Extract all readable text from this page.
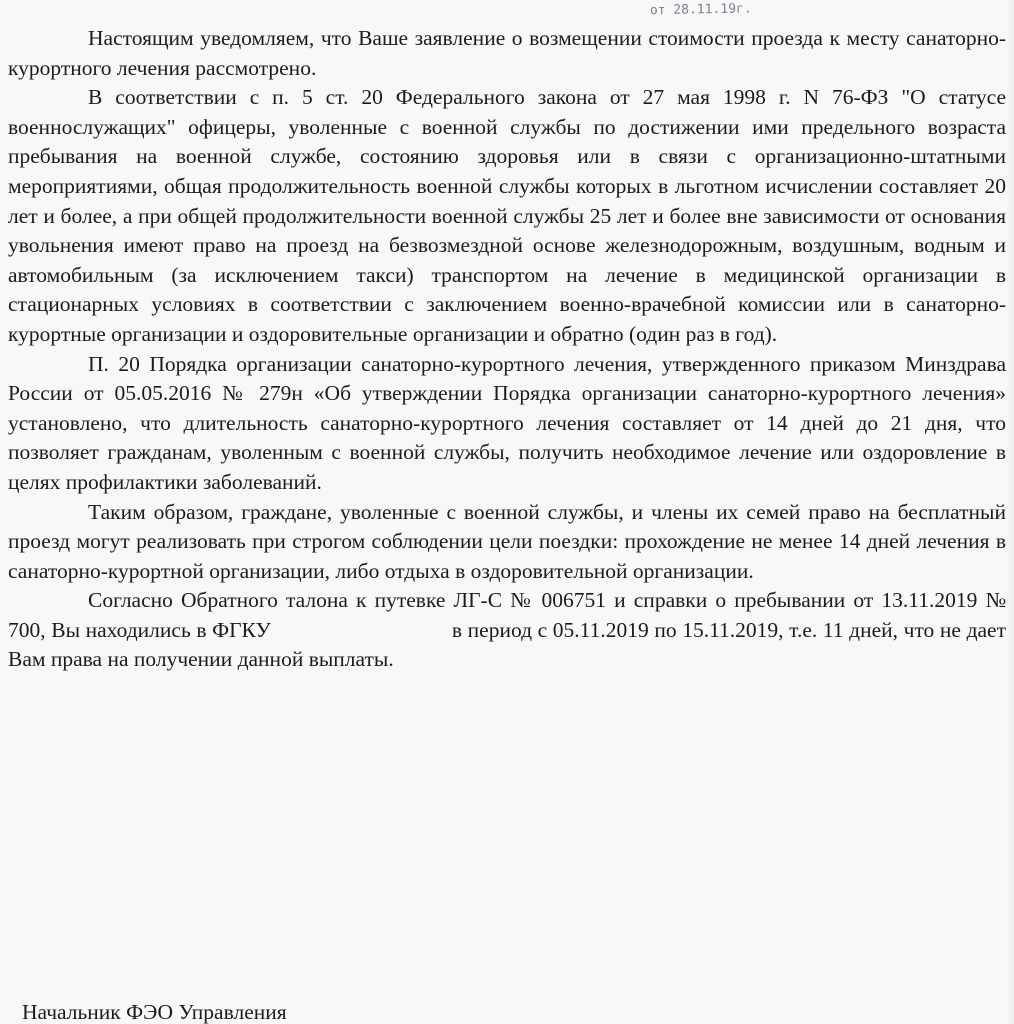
от 28.11.19г.

Настоящим уведомляем, что Ваше заявление о возмещении стоимости проезда к месту санаторно-курортного лечения рассмотрено.

В соответствии с п. 5 ст. 20 Федерального закона от 27 мая 1998 г. N 76-ФЗ "О статусе военнослужащих" офицеры, уволенные с военной службы по достижении ими предельного возраста пребывания на военной службе, состоянию здоровья или в связи с организационно-штатными мероприятиями, общая продолжительность военной службы которых в льготном исчислении составляет 20 лет и более, а при общей продолжительности военной службы 25 лет и более вне зависимости от основания увольнения имеют право на проезд на безвозмездной основе железнодорожным, воздушным, водным и автомобильным (за исключением такси) транспортом на лечение в медицинской организации в стационарных условиях в соответствии с заключением военно-врачебной комиссии или в санаторно-курортные организации и оздоровительные организации и обратно (один раз в год).

П. 20 Порядка организации санаторно-курортного лечения, утвержденного приказом Минздрава России от 05.05.2016 № 279н «Об утверждении Порядка организации санаторно-курортного лечения» установлено, что длительность санаторно-курортного лечения составляет от 14 дней до 21 дня, что позволяет гражданам, уволенным с военной службы, получить необходимое лечение или оздоровление в целях профилактики заболеваний.

Таким образом, граждане, уволенные с военной службы, и члены их семей право на бесплатный проезд могут реализовать при строгом соблюдении цели поездки: прохождение не менее 14 дней лечения в санаторно-курортной организации, либо отдыха в оздоровительной организации.

Согласно Обратного талона к путевке ЛГ-С № 006751 и справки о пребывании от 13.11.2019 № 700, Вы находились в ФГКУ	в период с 05.11.2019 по 15.11.2019, т.е. 11 дней, что не дает Вам права на получении данной выплаты.

Начальник ФЭО Управления
